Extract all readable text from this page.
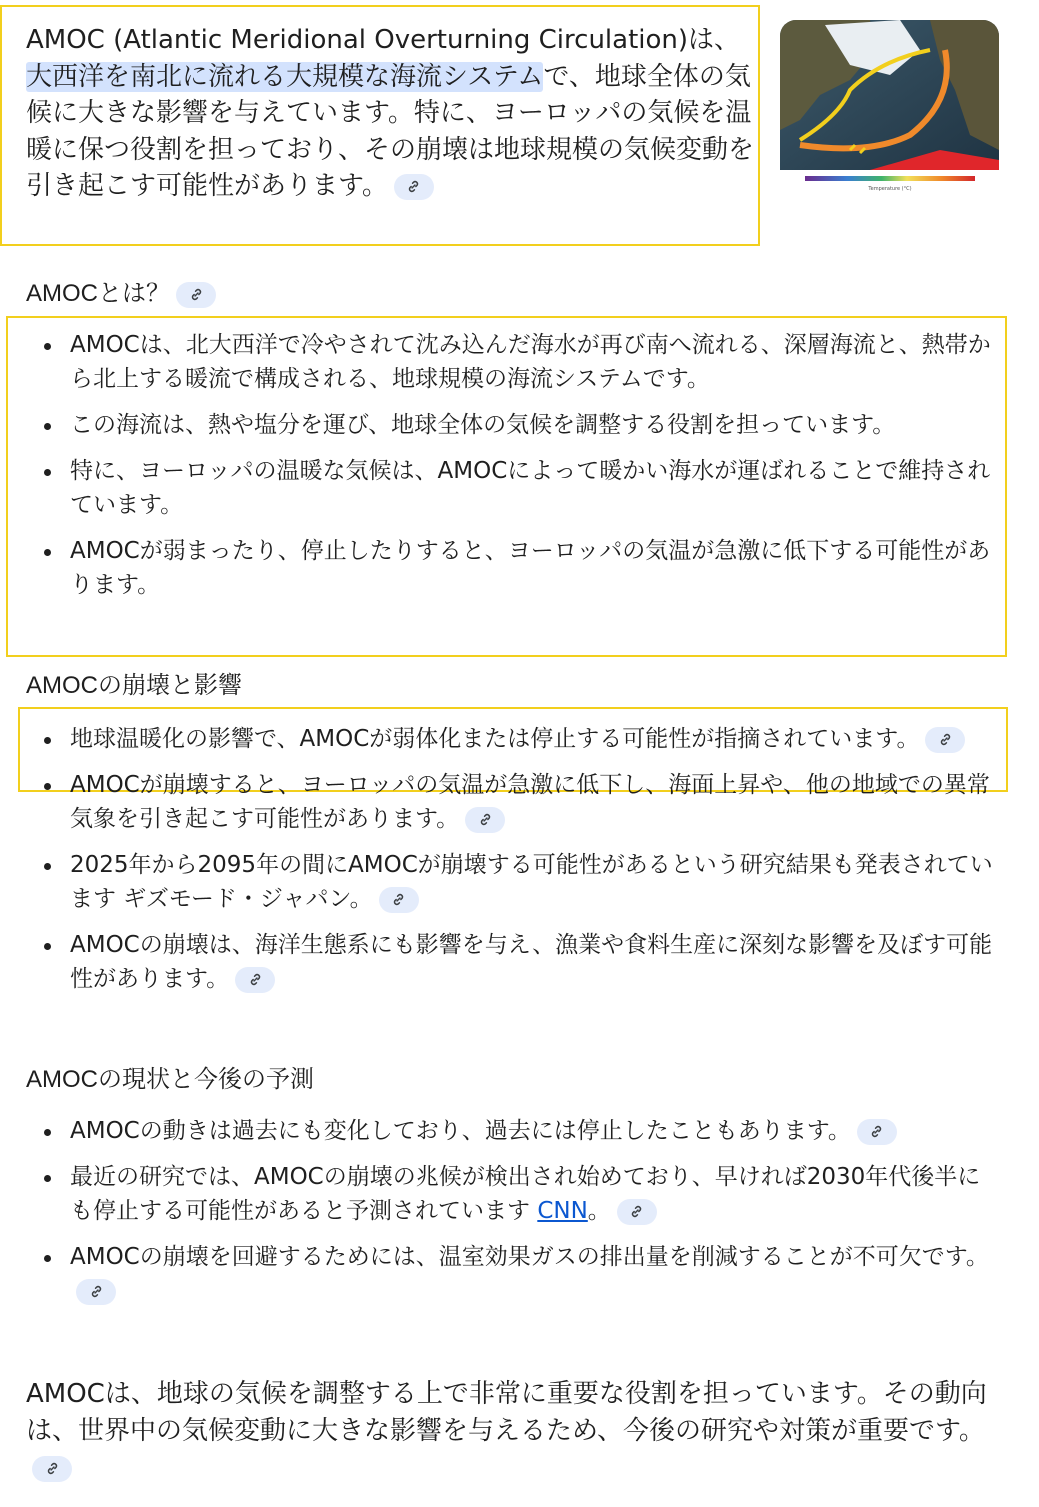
AMOC (Atlantic Meridional Overturning Circulation)は、大西洋を南北に流れる大規模な海流システムで、地球全体の気候に大きな影響を与えています。特に、ヨーロッパの気候を温暖に保つ役割を担っており、その崩壊は地球規模の気候変動を引き起こす可能性があります。	Temperature (°C)
AMOCとは？
AMOCは、北大西洋で冷やされて沈み込んだ海水が再び南へ流れる、深層海流と、熱帯から北上する暖流で構成される、地球規模の海流システムです。
この海流は、熱や塩分を運び、地球全体の気候を調整する役割を担っています。
特に、ヨーロッパの温暖な気候は、AMOCによって暖かい海水が運ばれることで維持されています。
AMOCが弱まったり、停止したりすると、ヨーロッパの気温が急激に低下する可能性があります。
AMOCの崩壊と影響
地球温暖化の影響で、AMOCが弱体化または停止する可能性が指摘されています。
AMOCが崩壊すると、ヨーロッパの気温が急激に低下し、海面上昇や、他の地域での異常気象を引き起こす可能性があります。
2025年から2095年の間にAMOCが崩壊する可能性があるという研究結果も発表されています ギズモード・ジャパン。
AMOCの崩壊は、海洋生態系にも影響を与え、漁業や食料生産に深刻な影響を及ぼす可能性があります。
AMOCの現状と今後の予測
AMOCの動きは過去にも変化しており、過去には停止したこともあります。
最近の研究では、AMOCの崩壊の兆候が検出され始めており、早ければ2030年代後半にも停止する可能性があると予測されています CNN。
AMOCの崩壊を回避するためには、温室効果ガスの排出量を削減することが不可欠です。

AMOCは、地球の気候を調整する上で非常に重要な役割を担っています。その動向は、世界中の気候変動に大きな影響を与えるため、今後の研究や対策が重要です。
